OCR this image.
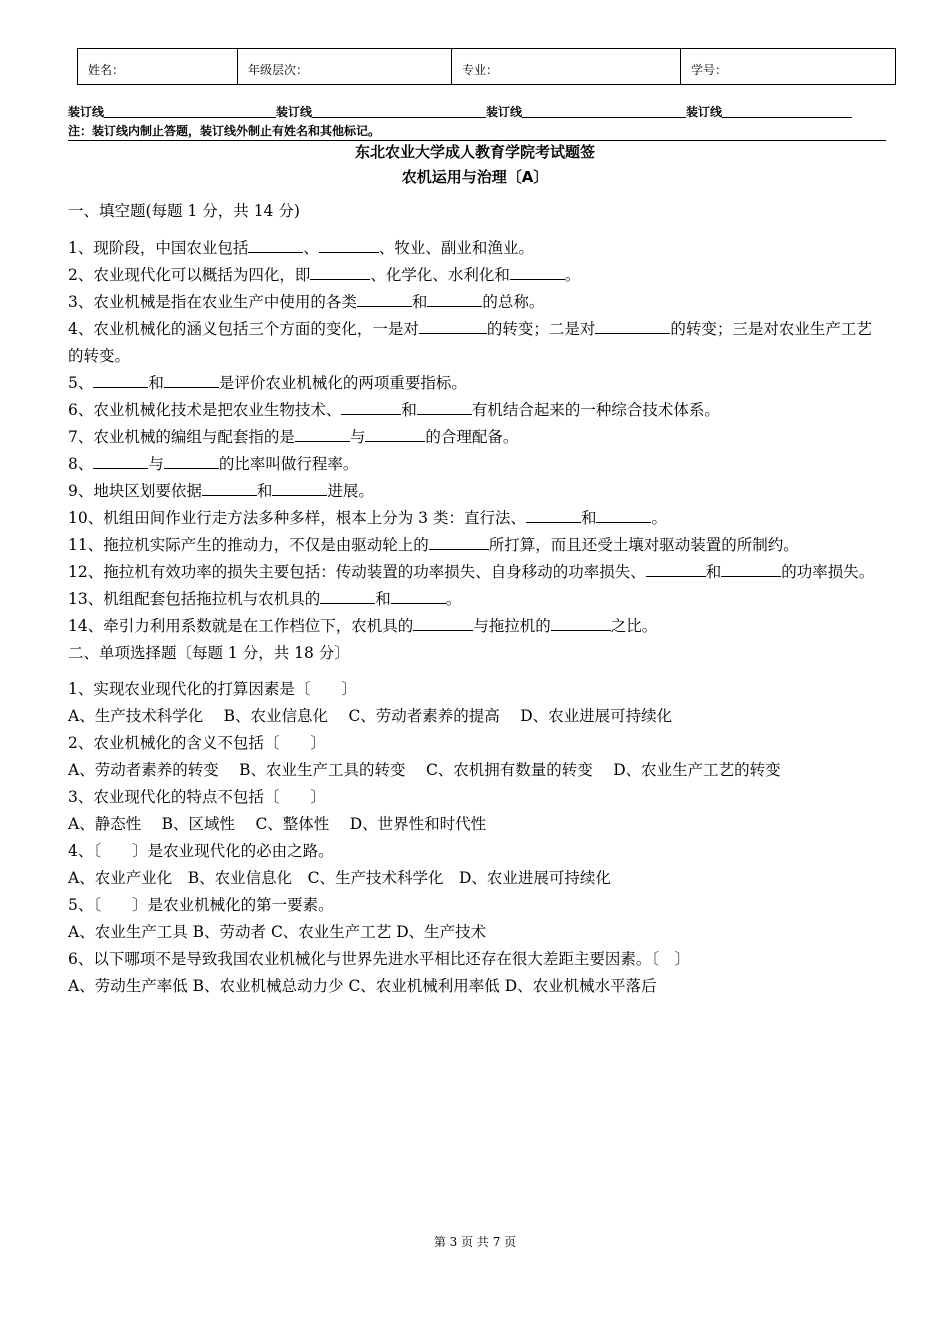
姓名：	年级层次：	专业：	学号：
装订线	装订线	装订线	装订线
注：装订线内制止答题，装订线外制止有姓名和其他标记。
东北农业大学成人教育学院考试题签
农机运用与治理〔A〕

一、填空题(每题 1 分，共 14 分)

1、现阶段，中国农业包括	、	、牧业、副业和渔业。

2、农业现代化可以概括为四化，即	、化学化、水利化和	。

3、农业机械是指在农业生产中使用的各类	和	的总称。

4、农业机械化的涵义包括三个方面的变化，一是对	的转变；二是对	的转变；三是对农业生产工艺的转变。

5、	和	是评价农业机械化的两项重要指标。

6、农业机械化技术是把农业生物技术、	和	有机结合起来的一种综合技术体系。

7、农业机械的编组与配套指的是	与	的合理配备。

8、	与	的比率叫做行程率。

9、地块区划要依据	和	进展。

10、机组田间作业行走方法多种多样，根本上分为 3 类：直行法、	和	。

11、拖拉机实际产生的推动力，不仅是由驱动轮上的	所打算，而且还受土壤对驱动装置的所制约。

12、拖拉机有效功率的损失主要包括：传动装置的功率损失、自身移动的功率损失、	和	的功率损失。

13、机组配套包括拖拉机与农机具的	和	。

14、牵引力利用系数就是在工作档位下，农机具的	与拖拉机的	之比。

二、单项选择题〔每题 1 分，共 18 分〕

1、实现农业现代化的打算因素是〔　　〕

A、生产技术科学化　 B、农业信息化　 C、劳动者素养的提高　 D、农业进展可持续化

2、农业机械化的含义不包括〔　　〕

A、劳动者素养的转变　 B、农业生产工具的转变　 C、农机拥有数量的转变　 D、农业生产工艺的转变

3、农业现代化的特点不包括〔　　〕

A、静态性　 B、区域性　 C、整体性　 D、世界性和时代性

4、〔　　〕是农业现代化的必由之路。

A、农业产业化　B、农业信息化　C、生产技术科学化　D、农业进展可持续化

5、〔　　〕是农业机械化的第一要素。

A、农业生产工具 B、劳动者 C、农业生产工艺 D、生产技术

6、以下哪项不是导致我国农业机械化与世界先进水平相比还存在很大差距主要因素。〔　〕

A、劳动生产率低 B、农业机械总动力少 C、农业机械利用率低 D、农业机械水平落后

第 3 页 共 7 页
